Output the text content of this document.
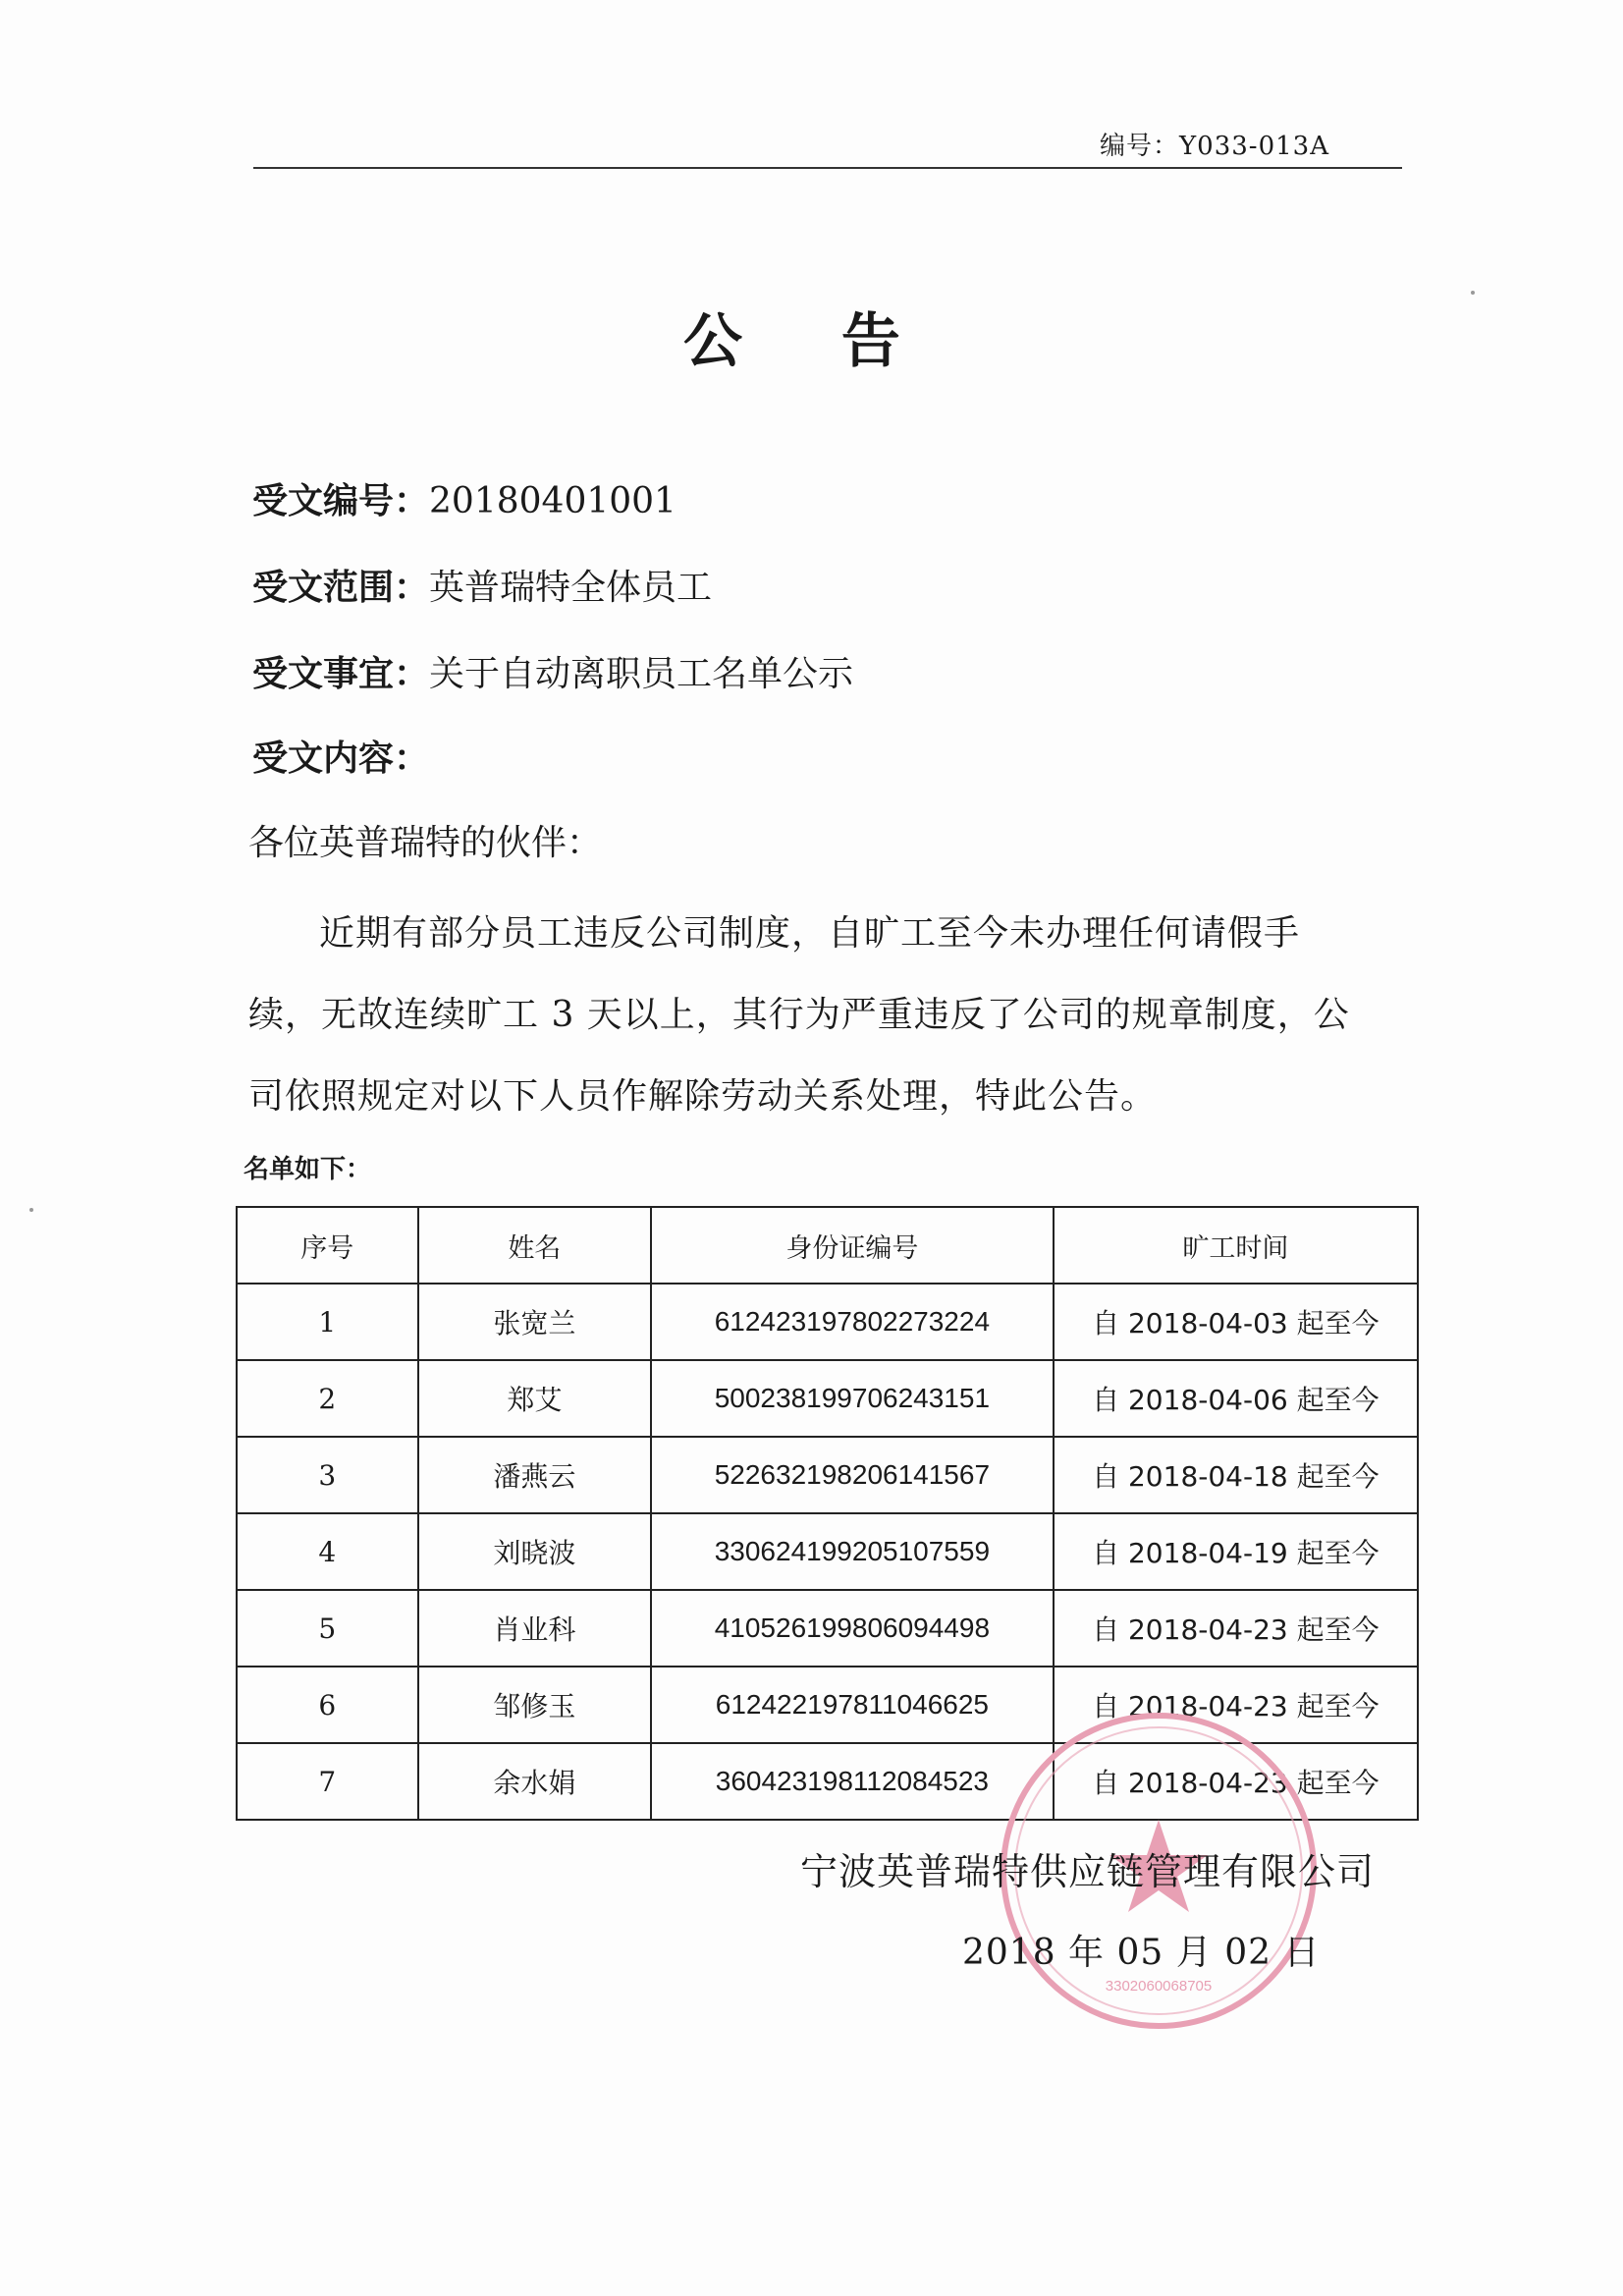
编号：Y033-013A
公 告
受文编号：20180401001
受文范围：英普瑞特全体员工
受文事宜：关于自动离职员工名单公示
受文内容：
各位英普瑞特的伙伴：
近期有部分员工违反公司制度，自旷工至今未办理任何请假手
续，无故连续旷工 3 天以上，其行为严重违反了公司的规章制度，公
司依照规定对以下人员作解除劳动关系处理，特此公告。
名单如下：
序号	姓名	身份证编号	旷工时间
1	张宽兰	612423197802273224	自 2018-04-03 起至今
2	郑艾	500238199706243151	自 2018-04-06 起至今
3	潘燕云	522632198206141567	自 2018-04-18 起至今
4	刘晓波	330624199205107559	自 2018-04-19 起至今
5	肖业科	410526199806094498	自 2018-04-23 起至今
6	邹修玉	612422197811046625	自 2018-04-23 起至今
7	余水娟	360423198112084523	自 2018-04-23 起至今
3302060068705
宁波英普瑞特供应链管理有限公司
2018 年 05 月 02 日
